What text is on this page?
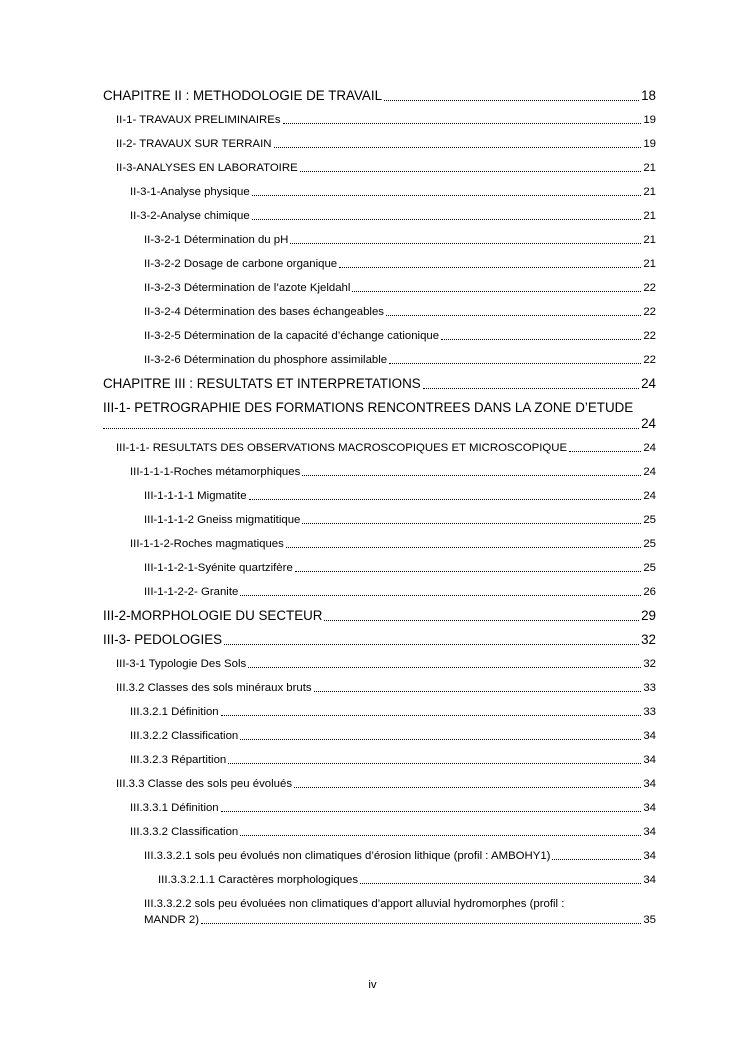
CHAPITRE II : METHODOLOGIE DE TRAVAIL	18
II-1- TRAVAUX PRELIMINAIREs	19
II-2- TRAVAUX SUR TERRAIN	19
II-3-ANALYSES EN LABORATOIRE	21
II-3-1-Analyse physique	21
II-3-2-Analyse chimique	21
II-3-2-1 Détermination du pH	21
II-3-2-2 Dosage de carbone organique	21
II-3-2-3 Détermination de l’azote Kjeldahl	22
II-3-2-4 Détermination des bases échangeables	22
II-3-2-5 Détermination de la capacité d’échange cationique	22
II-3-2-6 Détermination du phosphore assimilable	22
CHAPITRE III : RESULTATS ET INTERPRETATIONS	24
III-1- PETROGRAPHIE DES FORMATIONS RENCONTREES DANS LA ZONE D’ETUDE
24
III-1-1- RESULTATS DES OBSERVATIONS MACROSCOPIQUES ET MICROSCOPIQUE	24
III-1-1-1-Roches métamorphiques	24
III-1-1-1-1 Migmatite	24
III-1-1-1-2 Gneiss migmatitique	25
III-1-1-2-Roches magmatiques	25
III-1-1-2-1-Syénite quartzifère	25
III-1-1-2-2- Granite	26
III-2-MORPHOLOGIE DU SECTEUR	29
III-3- PEDOLOGIES	32
III-3-1 Typologie Des Sols	32
III.3.2 Classes des sols minéraux bruts	33
III.3.2.1 Définition	33
III.3.2.2 Classification	34
III.3.2.3 Répartition	34
III.3.3 Classe des sols peu évolués	34
III.3.3.1 Définition	34
III.3.3.2 Classification	34
III.3.3.2.1 sols peu évolués non climatiques d’érosion lithique (profil : AMBOHY1)	34
III.3.3.2.1.1 Caractères morphologiques	34
III.3.3.2.2 sols peu évoluées non climatiques d’apport alluvial hydromorphes (profil :
MANDR 2)	35
iv
